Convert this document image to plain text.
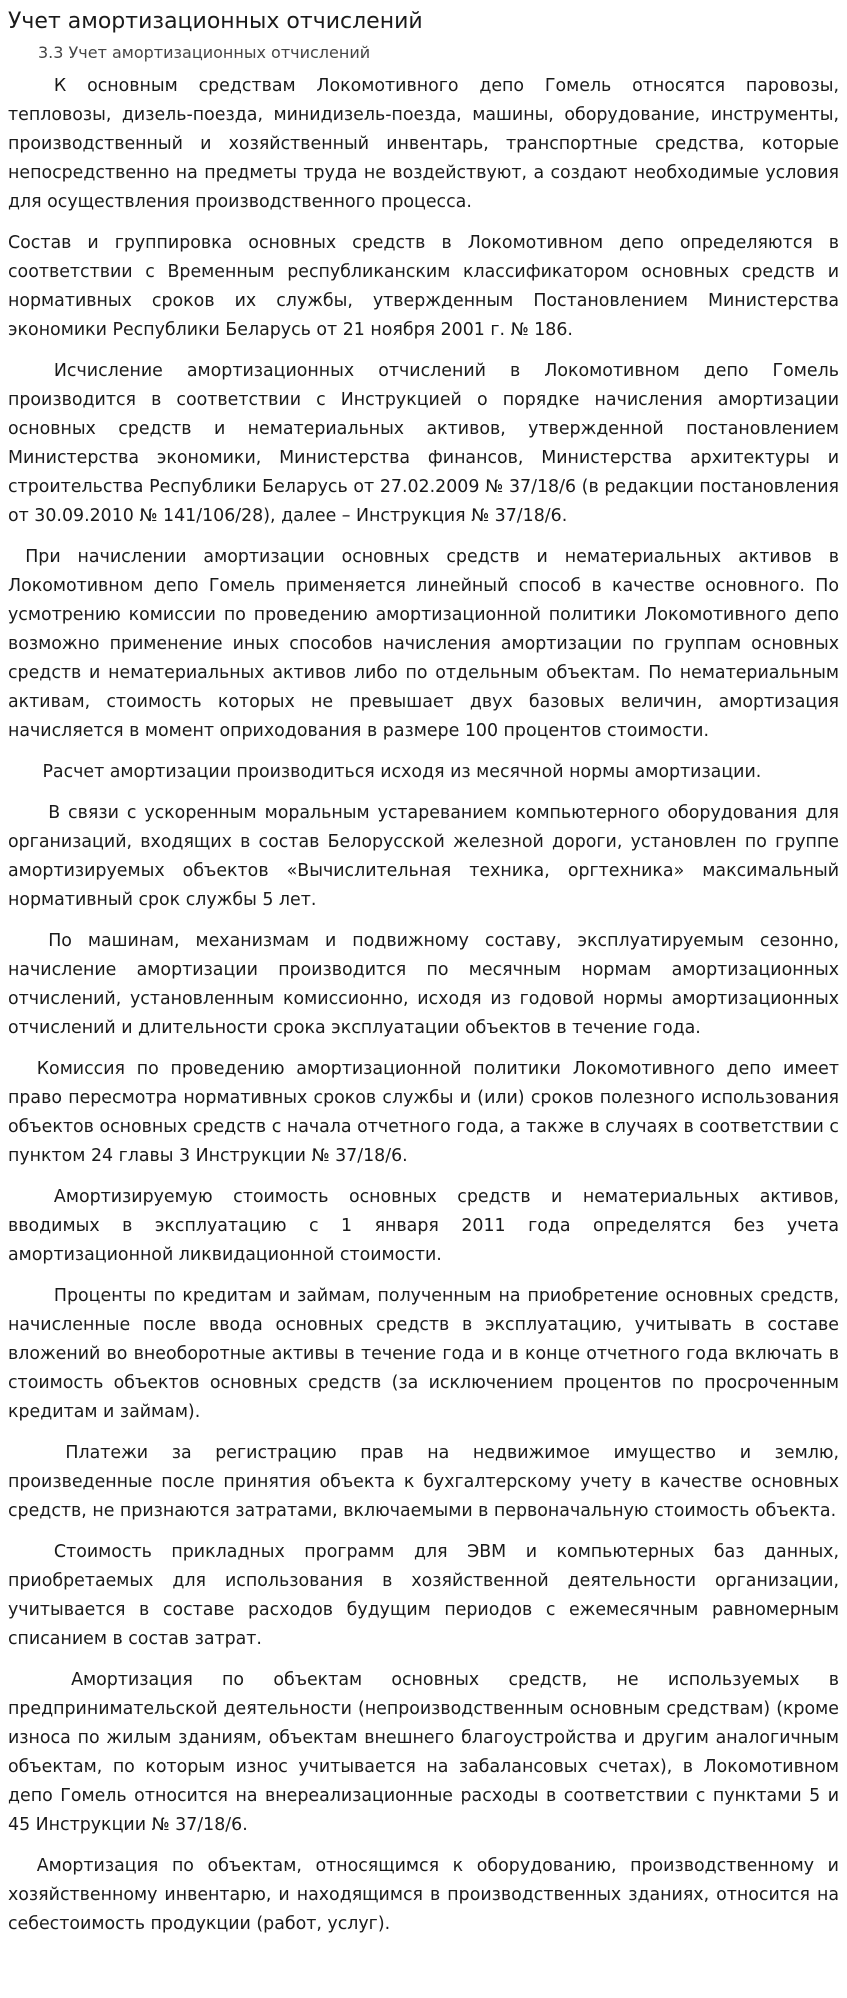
Учет амортизационных отчислений
3.3 Учет амортизационных отчислений

К основным средствам Локомотивного депо Гомель относятся паровозы, тепловозы, дизель-поезда, минидизель-поезда, машины, оборудование, инструменты, производственный и хозяйственный инвентарь, транспортные средства, которые непосредственно на предметы труда не воздействуют, а создают необходимые условия для осуществления производственного процесса.

Состав и группировка основных средств в Локомотивном депо определяются в соответствии с Временным республиканским классификатором основных средств и нормативных сроков их службы, утвержденным Постановлением Министерства экономики Республики Беларусь от 21 ноября 2001 г. № 186.

Исчисление амортизационных отчислений в Локомотивном депо Гомель производится в соответствии с Инструкцией о порядке начисления амортизации основных средств и нематериальных активов, утвержденной постановлением Министерства экономики, Министерства финансов, Министерства архитектуры и строительства Республики Беларусь от 27.02.2009 № 37/18/6 (в редакции постановления от 30.09.2010 № 141/106/28), далее – Инструкция № 37/18/6.

При начислении амортизации основных средств и нематериальных активов в Локомотивном депо Гомель применяется линейный способ в качестве основного. По усмотрению комиссии по проведению амортизационной политики Локомотивного депо возможно применение иных способов начисления амортизации по группам основных средств и нематериальных активов либо по отдельным объектам. По нематериальным активам, стоимость которых не превышает двух базовых величин, амортизация начисляется в момент оприходования в размере 100 процентов стоимости.

Расчет амортизации производиться исходя из месячной нормы амортизации.

В связи с ускоренным моральным устареванием компьютерного оборудования для организаций, входящих в состав Белорусской железной дороги, установлен по группе амортизируемых объектов «Вычислительная техника, оргтехника» максимальный нормативный срок службы 5 лет.

По машинам, механизмам и подвижному составу, эксплуатируемым сезонно, начисление амортизации производится по месячным нормам амортизационных отчислений, установленным комиссионно, исходя из годовой нормы амортизационных отчислений и длительности срока эксплуатации объектов в течение года.

Комиссия по проведению амортизационной политики Локомотивного депо имеет право пересмотра нормативных сроков службы и (или) сроков полезного использования объектов основных средств с начала отчетного года, а также в случаях в соответствии с пунктом 24 главы 3 Инструкции № 37/18/6.

Амортизируемую стоимость основных средств и нематериальных активов, вводимых в эксплуатацию с 1 января 2011 года определятся без учета амортизационной ликвидационной стоимости.

Проценты по кредитам и займам, полученным на приобретение основных средств, начисленные после ввода основных средств в эксплуатацию, учитывать в составе вложений во внеоборотные активы в течение года и в конце отчетного года включать в стоимость объектов основных средств (за исключением процентов по просроченным кредитам и займам).

Платежи за регистрацию прав на недвижимое имущество и землю, произведенные после принятия объекта к бухгалтерскому учету в качестве основных средств, не признаются затратами, включаемыми в первоначальную стоимость объекта.

Стоимость прикладных программ для ЭВМ и компьютерных баз данных, приобретаемых для использования в хозяйственной деятельности организации, учитывается в составе расходов будущим периодов с ежемесячным равномерным списанием в состав затрат.

Амортизация по объектам основных средств, не используемых в предпринимательской деятельности (непроизводственным основным средствам) (кроме износа по жилым зданиям, объектам внешнего благоустройства и другим аналогичным объектам, по которым износ учитывается на забалансовых счетах), в Локомотивном депо Гомель относится на внереализационные расходы в соответствии с пунктами 5 и 45 Инструкции № 37/18/6.

Амортизация по объектам, относящимся к оборудованию, производственному и хозяйственному инвентарю, и находящимся в производственных зданиях, относится на себестоимость продукции (работ, услуг).
